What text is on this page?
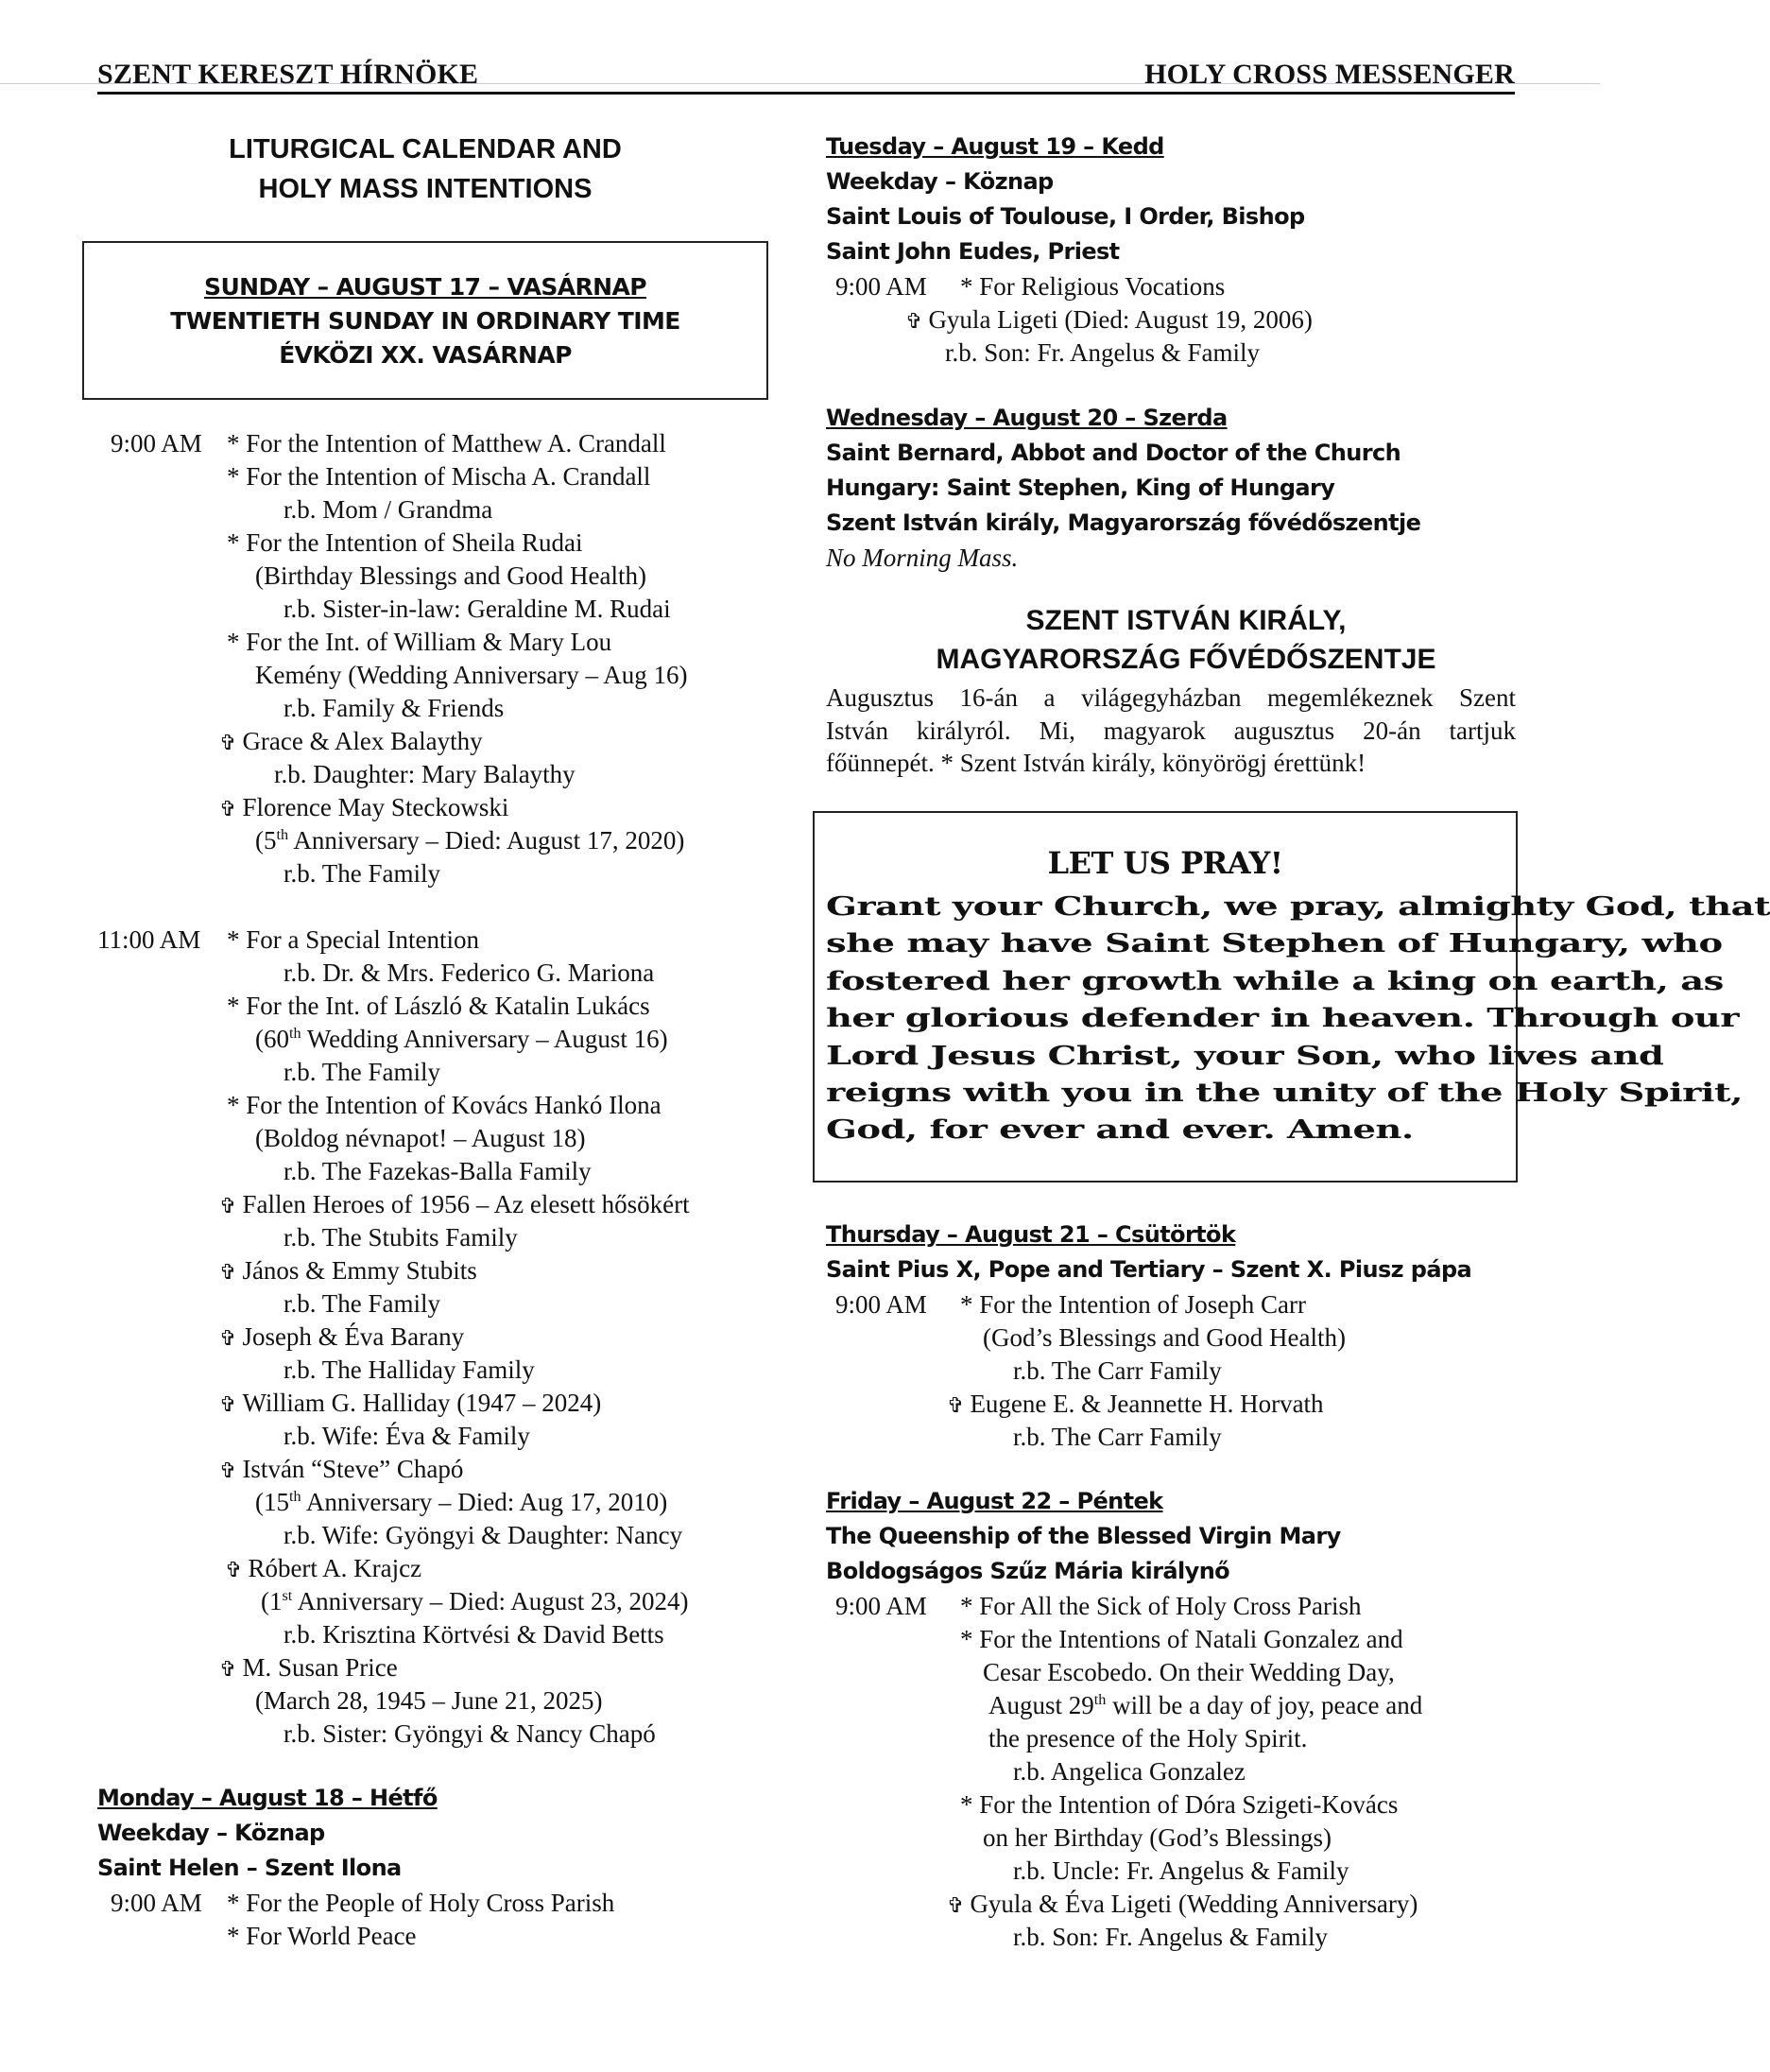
SZENT KERESZT HÍRNÖKE	HOLY CROSS MESSENGER
LITURGICAL CALENDAR AND
HOLY MASS INTENTIONS
SUNDAY – AUGUST 17 – VASÁRNAP
TWENTIETH SUNDAY IN ORDINARY TIME
ÉVKÖZI XX. VASÁRNAP
9:00 AM * For the Intention of Matthew A. Crandall
* For the Intention of Mischa A. Crandall
r.b. Mom / Grandma
* For the Intention of Sheila Rudai
(Birthday Blessings and Good Health)
r.b. Sister-in-law: Geraldine M. Rudai
* For the Int. of William & Mary Lou
Kemény (Wedding Anniversary – Aug 16)
r.b. Family & Friends
✞ Grace & Alex Balaythy
r.b. Daughter: Mary Balaythy
✞ Florence May Steckowski
(5th Anniversary – Died: August 17, 2020)
r.b. The Family
11:00 AM * For a Special Intention
r.b. Dr. & Mrs. Federico G. Mariona
* For the Int. of László & Katalin Lukács
(60th Wedding Anniversary – August 16)
r.b. The Family
* For the Intention of Kovács Hankó Ilona
(Boldog névnapot! – August 18)
r.b. The Fazekas-Balla Family
✞ Fallen Heroes of 1956 – Az elesett hősökért
r.b. The Stubits Family
✞ János & Emmy Stubits
r.b. The Family
✞ Joseph & Éva Barany
r.b. The Halliday Family
✞ William G. Halliday (1947 – 2024)
r.b. Wife: Éva & Family
✞ István “Steve” Chapó
(15th Anniversary – Died: Aug 17, 2010)
r.b. Wife: Gyöngyi & Daughter: Nancy
✞ Róbert A. Krajcz
(1st Anniversary – Died: August 23, 2024)
r.b. Krisztina Körtvési & David Betts
✞ M. Susan Price
(March 28, 1945 – June 21, 2025)
r.b. Sister: Gyöngyi & Nancy Chapó
Monday – August 18 – Hétfő
Weekday – Köznap
Saint Helen – Szent Ilona
9:00 AM * For the People of Holy Cross Parish
* For World Peace
Tuesday – August 19 – Kedd
Weekday – Köznap
Saint Louis of Toulouse, I Order, Bishop
Saint John Eudes, Priest
9:00 AM * For Religious Vocations
✞ Gyula Ligeti (Died: August 19, 2006)
r.b. Son: Fr. Angelus & Family
Wednesday – August 20 – Szerda
Saint Bernard, Abbot and Doctor of the Church
Hungary: Saint Stephen, King of Hungary
Szent István király, Magyarország fővédőszentje
No Morning Mass.
SZENT ISTVÁN KIRÁLY,
MAGYARORSZÁG FŐVÉDŐSZENTJE
Augusztus 16-án a világegyházban megemlékeznek Szent
István királyról. Mi, magyarok augusztus 20-án tartjuk
főünnepét. * Szent István király, könyörögj érettünk!
LET US PRAY!
Grant your Church, we pray, almighty God, that
she may have Saint Stephen of Hungary, who
fostered her growth while a king on earth, as
her glorious defender in heaven. Through our
Lord Jesus Christ, your Son, who lives and
reigns with you in the unity of the Holy Spirit,
God, for ever and ever. Amen.
Thursday – August 21 – Csütörtök
Saint Pius X, Pope and Tertiary – Szent X. Piusz pápa
9:00 AM * For the Intention of Joseph Carr
(God’s Blessings and Good Health)
r.b. The Carr Family
✞ Eugene E. & Jeannette H. Horvath
r.b. The Carr Family
Friday – August 22 – Péntek
The Queenship of the Blessed Virgin Mary
Boldogságos Szűz Mária királynő
9:00 AM * For All the Sick of Holy Cross Parish
* For the Intentions of Natali Gonzalez and
Cesar Escobedo. On their Wedding Day,
August 29th will be a day of joy, peace and
the presence of the Holy Spirit.
r.b. Angelica Gonzalez
* For the Intention of Dóra Szigeti-Kovács
on her Birthday (God’s Blessings)
r.b. Uncle: Fr. Angelus & Family
✞ Gyula & Éva Ligeti (Wedding Anniversary)
r.b. Son: Fr. Angelus & Family
